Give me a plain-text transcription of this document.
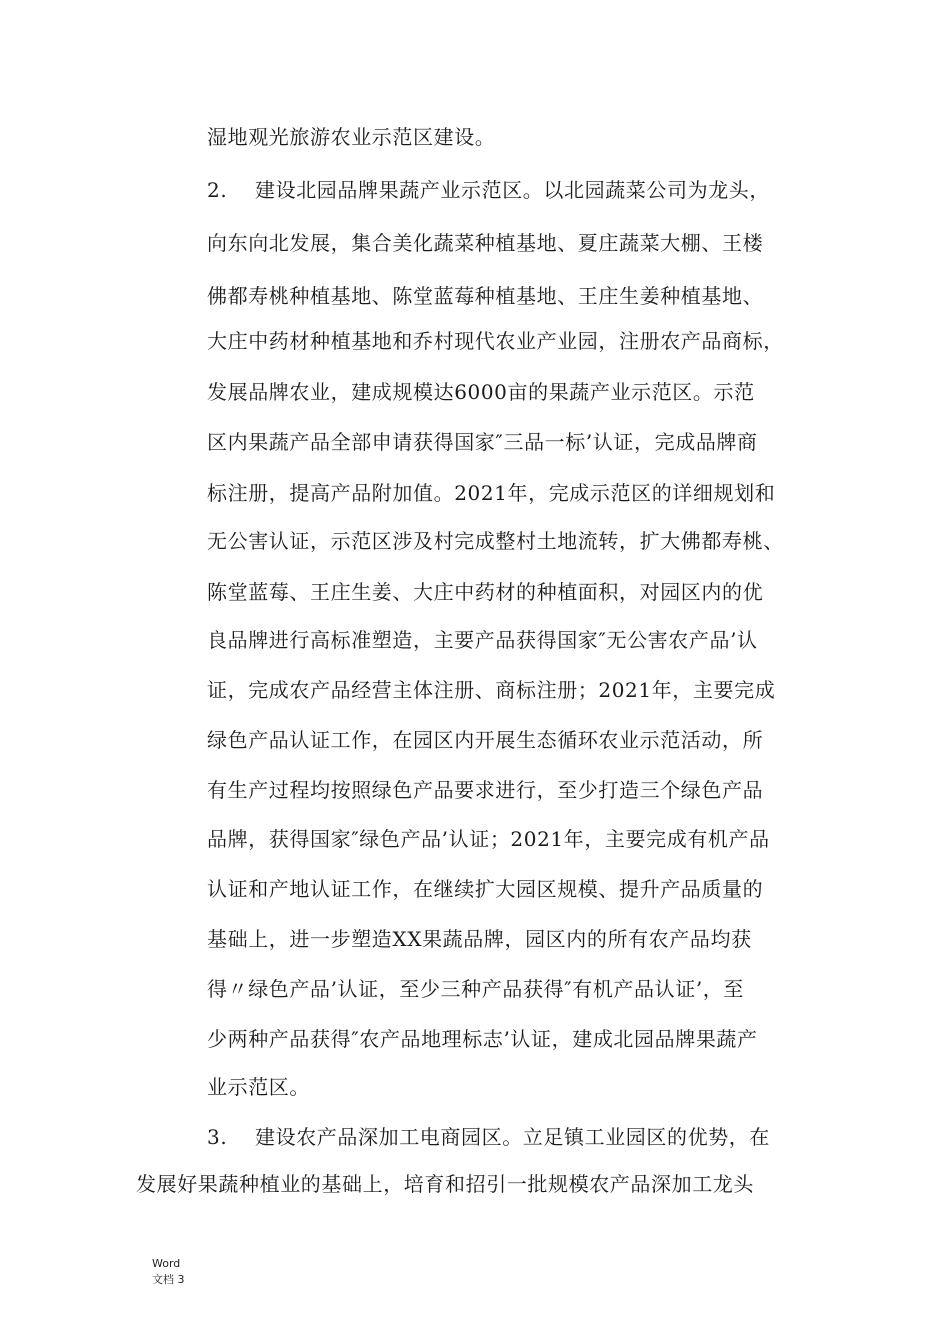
湿地观光旅游农业示范区建设。
2. 建设北园品牌果蔬产业示范区。以北园蔬菜公司为龙头，
向东向北发展，集合美化蔬菜种植基地、夏庄蔬菜大棚、王楼
佛都寿桃种植基地、陈堂蓝莓种植基地、王庄生姜种植基地、
大庄中药材种植基地和乔村现代农业产业园，注册农产品商标，
发展品牌农业，建成规模达6000亩的果蔬产业示范区。示范
区内果蔬产品全部申请获得国家″三品一标’认证，完成品牌商
标注册，提高产品附加值。2021年，完成示范区的详细规划和
无公害认证，示范区涉及村完成整村土地流转，扩大佛都寿桃、
陈堂蓝莓、王庄生姜、大庄中药材的种植面积，对园区内的优
良品牌进行高标准塑造，主要产品获得国家″无公害农产品’认
证，完成农产品经营主体注册、商标注册；2021年，主要完成
绿色产品认证工作，在园区内开展生态循环农业示范活动，所
有生产过程均按照绿色产品要求进行，至少打造三个绿色产品
品牌，获得国家″绿色产品’认证；2021年，主要完成有机产品
认证和产地认证工作，在继续扩大园区规模、提升产品质量的
基础上，进一步塑造XX果蔬品牌，园区内的所有农产品均获
得〃绿色产品’认证，至少三种产品获得″有机产品认证’，至
少两种产品获得″农产品地理标志’认证，建成北园品牌果蔬产
业示范区。
3. 建设农产品深加工电商园区。立足镇工业园区的优势，在
发展好果蔬种植业的基础上，培育和招引一批规模农产品深加工龙头
Word
文档 3
